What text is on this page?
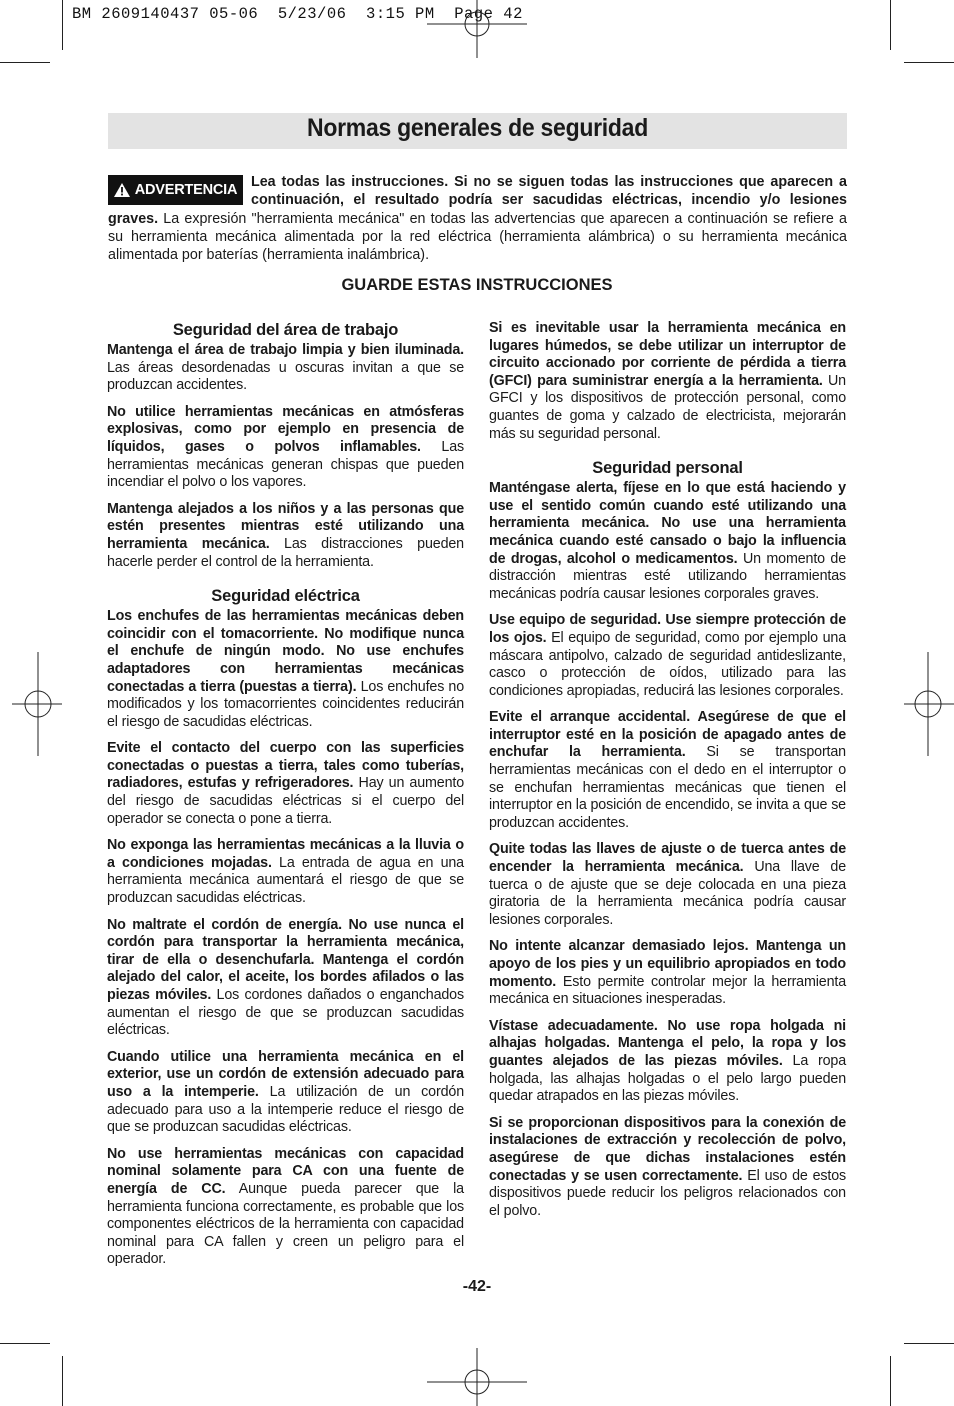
BM 2609140437 05-06  5/23/06  3:15 PM  Page 42
Normas generales de seguridad
Lea todas las instrucciones. Si no se siguen todas las instrucciones que aparecen a continuación, el resultado podría ser sacudidas eléctricas, incendio y/o lesiones graves. La expresión "herramienta mecánica" en todas las advertencias que aparecen a continuación se refiere a su herramienta mecánica alimentada por la red eléctrica (herramienta alámbrica) o su herramienta mecánica alimentada por baterías (herramienta inalámbrica).
ADVERTENCIA
GUARDE ESTAS INSTRUCCIONES
Seguridad del área de trabajo

Mantenga el área de trabajo limpia y bien iluminada. Las áreas desordenadas u oscuras invitan a que se produzcan accidentes.

No utilice herramientas mecánicas en atmósferas explosivas, como por ejemplo en presencia de líquidos, gases o polvos inflamables. Las herramientas mecánicas generan chispas que pueden incendiar el polvo o los vapores.

Mantenga alejados a los niños y a las personas que estén presentes mientras esté utilizando una herramienta mecánica. Las distracciones pueden hacerle perder el control de la herramienta.

Seguridad eléctrica

Los enchufes de las herramientas mecánicas deben coincidir con el tomacorriente. No modifique nunca el enchufe de ningún modo. No use enchufes adaptadores con herramientas mecánicas conectadas a tierra (puestas a tierra). Los enchufes no modificados y los tomacorrientes coincidentes reducirán el riesgo de sacudidas eléctricas.

Evite el contacto del cuerpo con las superficies conectadas o puestas a tierra, tales como tuberías, radiadores, estufas y refrigeradores. Hay un aumento del riesgo de sacudidas eléctricas si el cuerpo del operador se conecta o pone a tierra.

No exponga las herramientas mecánicas a la lluvia o a condiciones mojadas. La entrada de agua en una herramienta mecánica aumentará el riesgo de que se produzcan sacudidas eléctricas.

No maltrate el cordón de energía. No use nunca el cordón para transportar la herramienta mecánica, tirar de ella o desenchufarla. Mantenga el cordón alejado del calor, el aceite, los bordes afilados o las piezas móviles. Los cordones dañados o enganchados aumentan el riesgo de que se produzcan sacudidas eléctricas.

Cuando utilice una herramienta mecánica en el exterior, use un cordón de extensión adecuado para uso a la intemperie. La utilización de un cordón adecuado para uso a la intemperie reduce el riesgo de que se produzcan sacudidas eléctricas.

No use herramientas mecánicas con capacidad nominal solamente para CA con una fuente de energía de CC. Aunque pueda parecer que la herramienta funciona correctamente, es probable que los componentes eléctricos de la herramienta con capacidad nominal para CA fallen y creen un peligro para el operador.

Si es inevitable usar la herramienta mecánica en lugares húmedos, se debe utilizar un interruptor de circuito accionado por corriente de pérdida a tierra (GFCI) para suministrar energía a la herramienta. Un GFCI y los dispositivos de protección personal, como guantes de goma y calzado de electricista, mejorarán más su seguridad personal.

Seguridad personal

Manténgase alerta, fíjese en lo que está haciendo y use el sentido común cuando esté utilizando una herramienta mecánica. No use una herramienta mecánica cuando esté cansado o bajo la influencia de drogas, alcohol o medicamentos. Un momento de distracción mientras esté utilizando herramientas mecánicas podría causar lesiones corporales graves.

Use equipo de seguridad. Use siempre protección de los ojos. El equipo de seguridad, como por ejemplo una máscara antipolvo, calzado de seguridad antideslizante, casco o protección de oídos, utilizado para las condiciones apropiadas, reducirá las lesiones corporales.

Evite el arranque accidental. Asegúrese de que el interruptor esté en la posición de apagado antes de enchufar la herramienta. Si se transportan herramientas mecánicas con el dedo en el interruptor o se enchufan herramientas mecánicas que tienen el interruptor en la posición de encendido, se invita a que se produzcan accidentes.

Quite todas las llaves de ajuste o de tuerca antes de encender la herramienta mecánica. Una llave de tuerca o de ajuste que se deje colocada en una pieza giratoria de la herramienta mecánica podría causar lesiones corporales.

No intente alcanzar demasiado lejos. Mantenga un apoyo de los pies y un equilibrio apropiados en todo momento. Esto permite controlar mejor la herramienta mecánica en situaciones inesperadas.

Vístase adecuadamente. No use ropa holgada ni alhajas holgadas. Mantenga el pelo, la ropa y los guantes alejados de las piezas móviles. La ropa holgada, las alhajas holgadas o el pelo largo pueden quedar atrapados en las piezas móviles.

Si se proporcionan dispositivos para la conexión de instalaciones de extracción y recolección de polvo, asegúrese de que dichas instalaciones estén conectadas y se usen correctamente. El uso de estos dispositivos puede reducir los peligros relacionados con el polvo.

-42-
